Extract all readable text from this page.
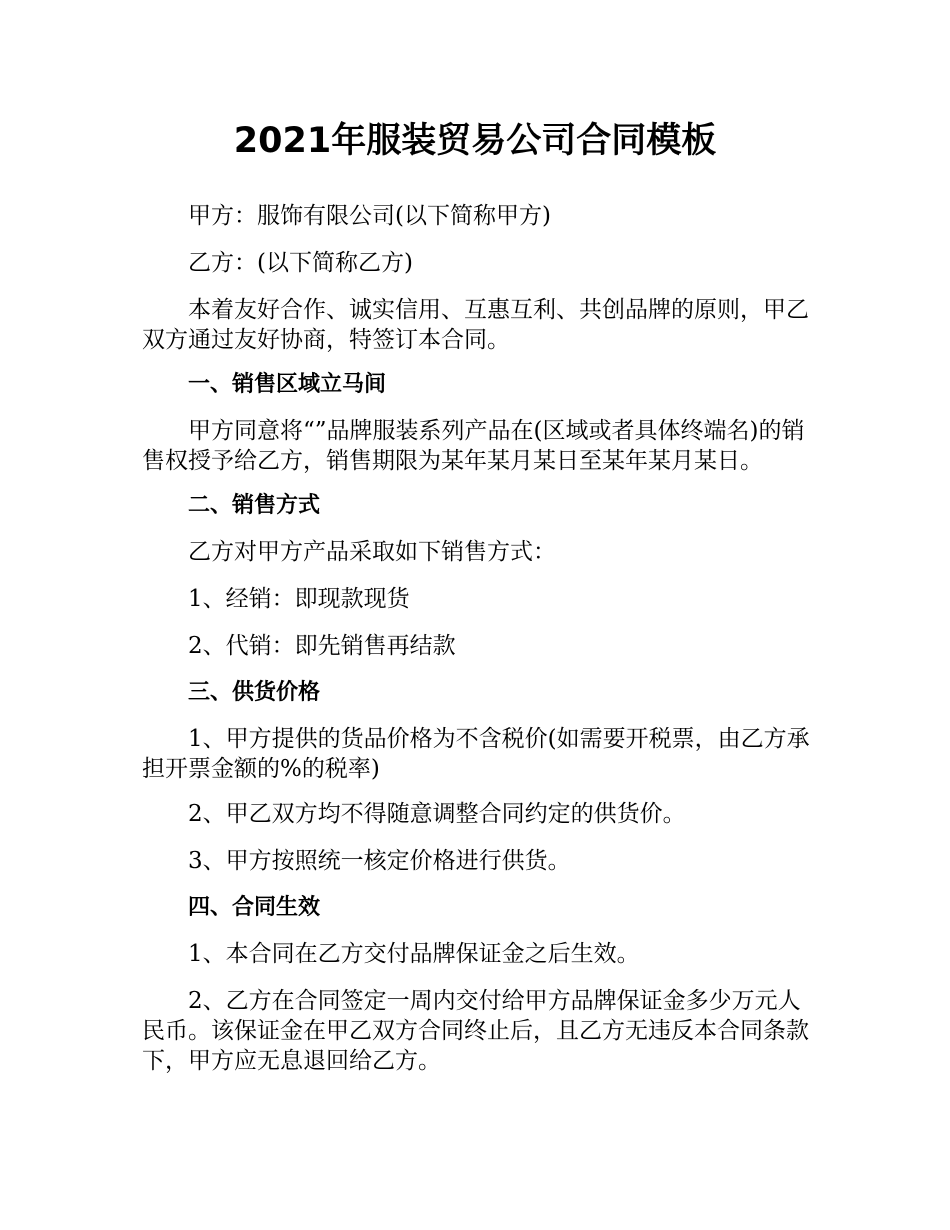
2021年服装贸易公司合同模板

甲方：服饰有限公司(以下简称甲方)

乙方：(以下简称乙方)

本着友好合作、诚实信用、互惠互利、共创品牌的原则，甲乙双方通过友好协商，特签订本合同。

一、销售区域立马间

甲方同意将“”品牌服装系列产品在(区域或者具体终端名)的销售权授予给乙方，销售期限为某年某月某日至某年某月某日。

二、销售方式

乙方对甲方产品采取如下销售方式：

1、经销：即现款现货

2、代销：即先销售再结款

三、供货价格

1、甲方提供的货品价格为不含税价(如需要开税票，由乙方承担开票金额的%的税率)

2、甲乙双方均不得随意调整合同约定的供货价。

3、甲方按照统一核定价格进行供货。

四、合同生效

1、本合同在乙方交付品牌保证金之后生效。

2、乙方在合同签定一周内交付给甲方品牌保证金多少万元人民币。该保证金在甲乙双方合同终止后，且乙方无违反本合同条款下，甲方应无息退回给乙方。
